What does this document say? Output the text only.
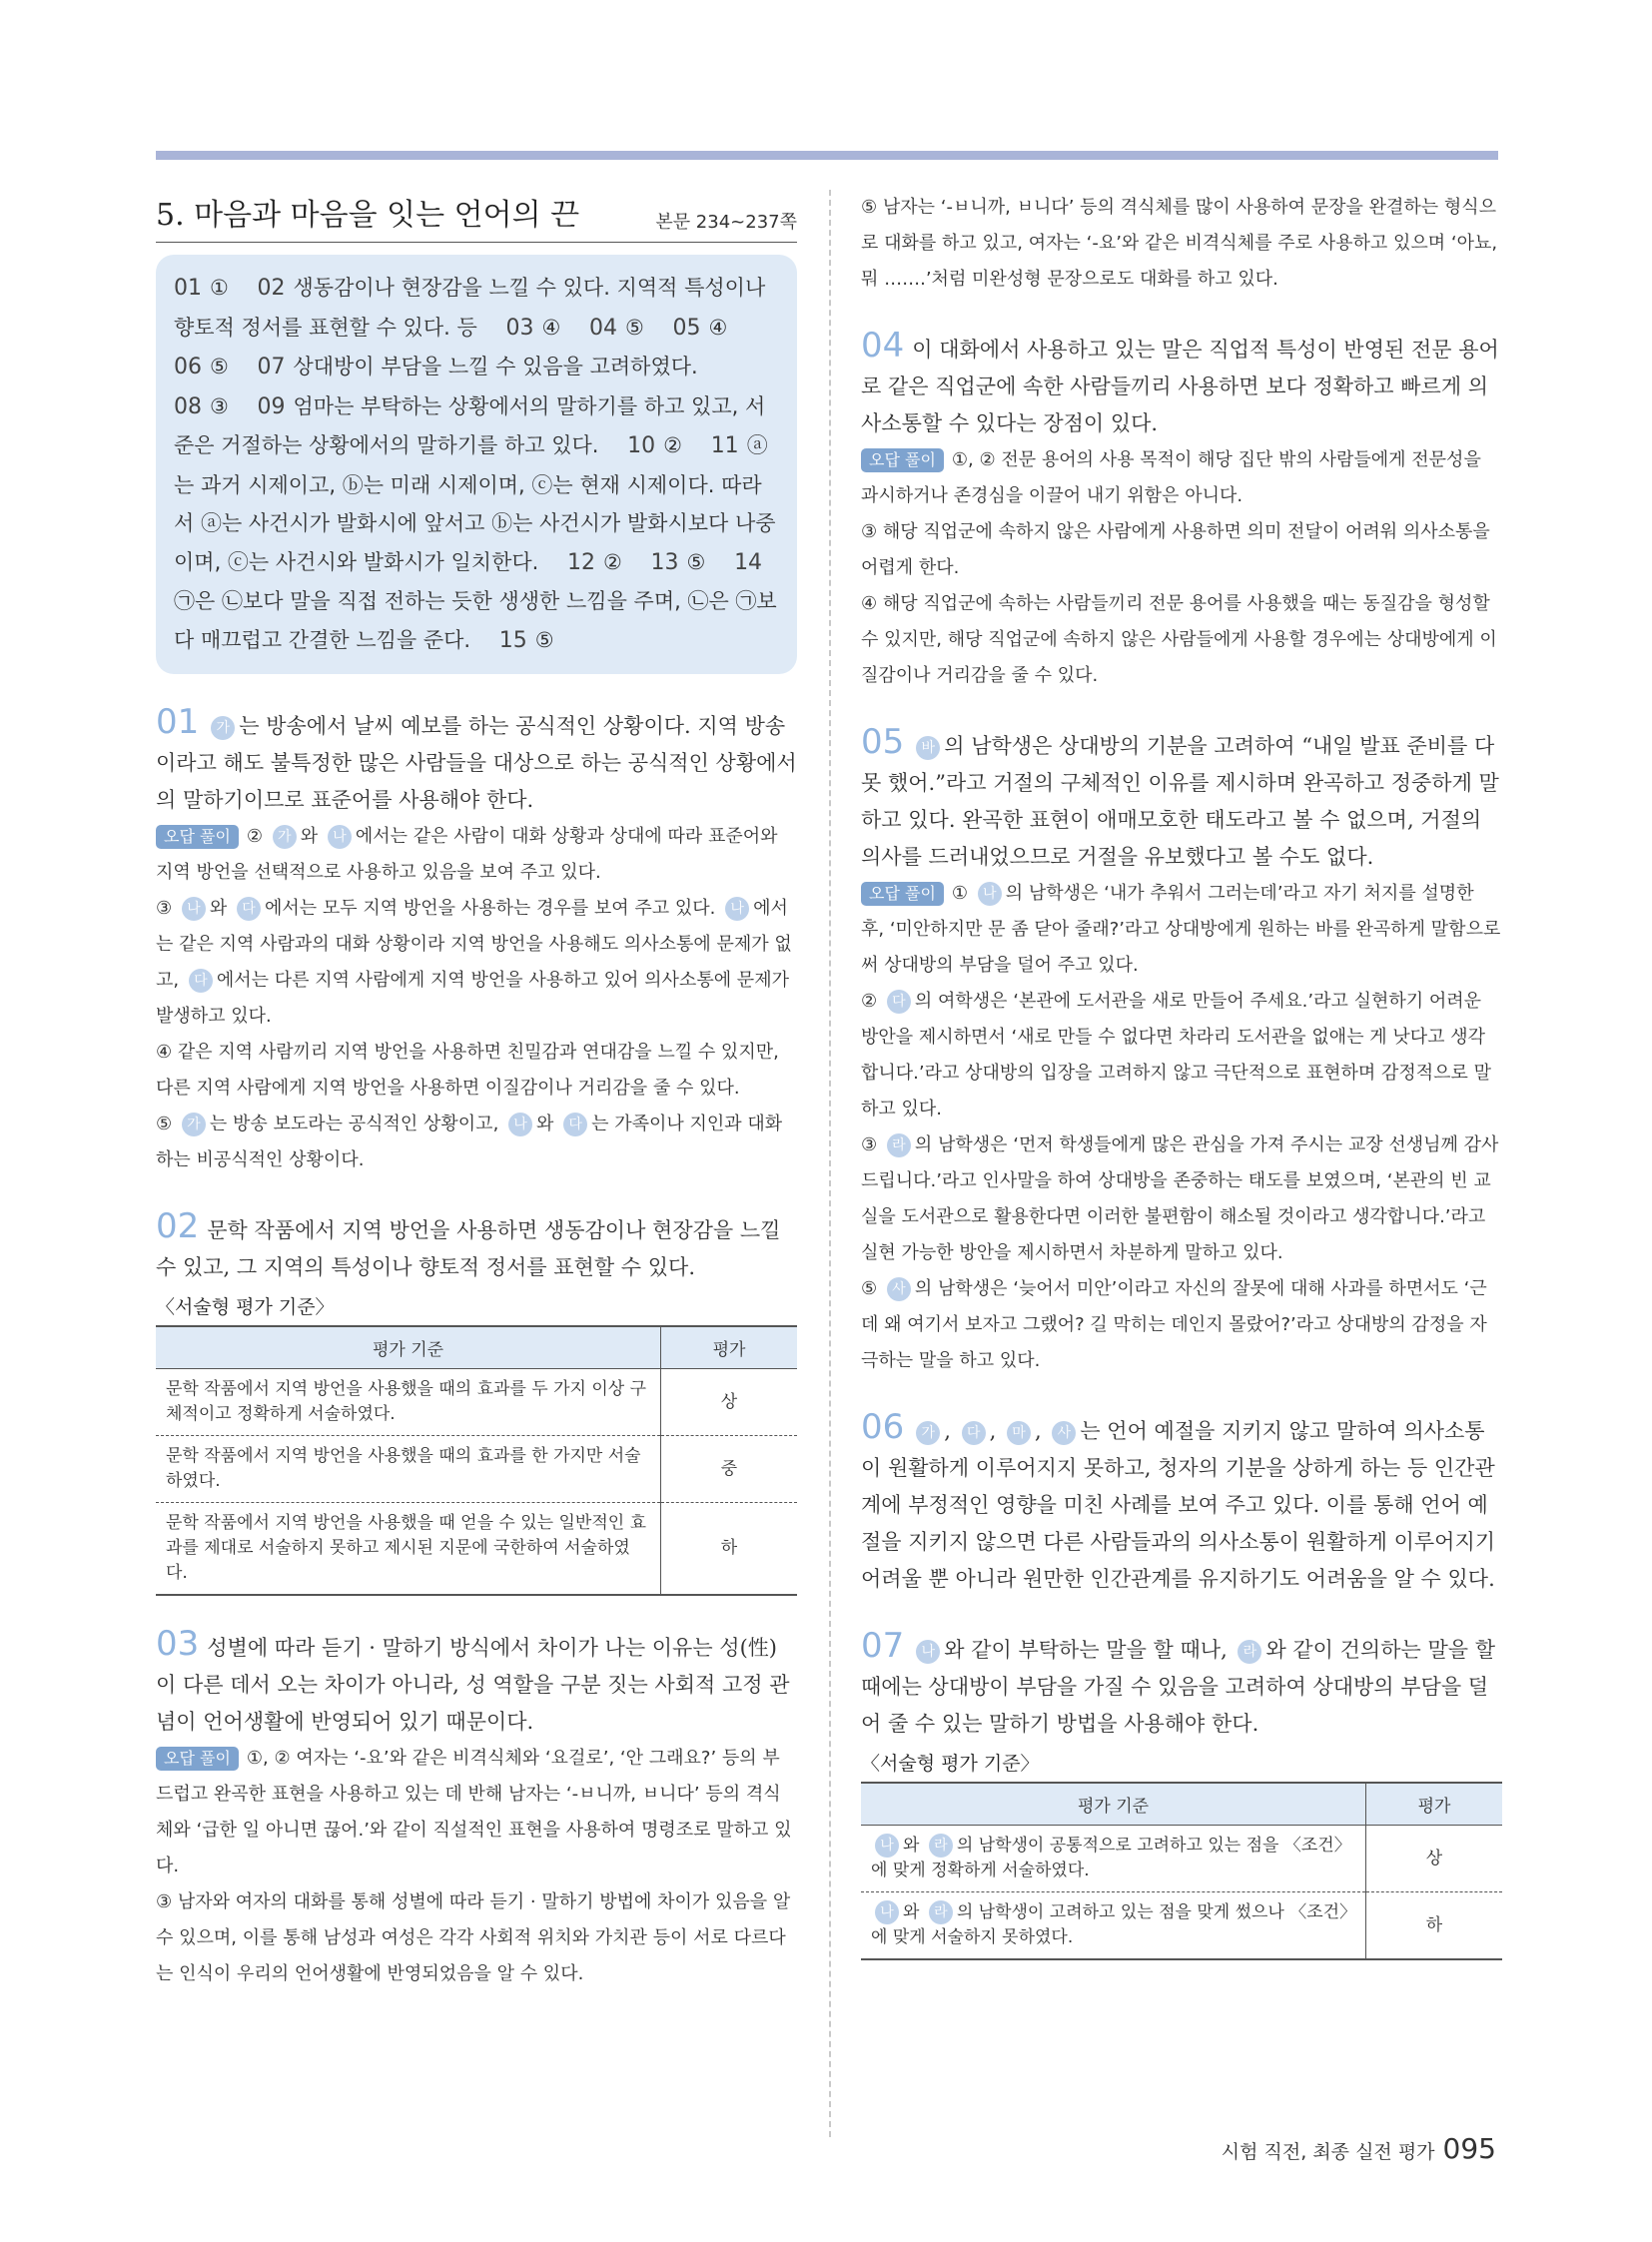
5. 마음과 마음을 잇는 언어의 끈	본문 234~237쪽
01 ① 02 생동감이나 현장감을 느낄 수 있다. 지역적 특성이나 향토적 정서를 표현할 수 있다. 등 03 ④ 04 ⑤ 05 ④ 06 ⑤ 07 상대방이 부담을 느낄 수 있음을 고려하였다. 08 ③ 09 엄마는 부탁하는 상황에서의 말하기를 하고 있고, 서준은 거절하는 상황에서의 말하기를 하고 있다. 10 ② 11 ⓐ는 과거 시제이고, ⓑ는 미래 시제이며, ⓒ는 현재 시제이다. 따라서 ⓐ는 사건시가 발화시에 앞서고 ⓑ는 사건시가 발화시보다 나중이며, ⓒ는 사건시와 발화시가 일치한다. 12 ② 13 ⑤ 14㉠은 ㉡보다 말을 직접 전하는 듯한 생생한 느낌을 주며, ㉡은 ㉠보다 매끄럽고 간결한 느낌을 준다. 15 ⑤
01 가 는 방송에서 날씨 예보를 하는 공식적인 상황이다. 지역 방송이라고 해도 불특정한 많은 사람들을 대상으로 하는 공식적인 상황에서의 말하기이므로 표준어를 사용해야 한다.
오답 풀이 ② 가 와 나 에서는 같은 사람이 대화 상황과 상대에 따라 표준어와 지역 방언을 선택적으로 사용하고 있음을 보여 주고 있다.
③ 나 와 다 에서는 모두 지역 방언을 사용하는 경우를 보여 주고 있다. 나 에서는 같은 지역 사람과의 대화 상황이라 지역 방언을 사용해도 의사소통에 문제가 없고, 다 에서는 다른 지역 사람에게 지역 방언을 사용하고 있어 의사소통에 문제가 발생하고 있다.
④ 같은 지역 사람끼리 지역 방언을 사용하면 친밀감과 연대감을 느낄 수 있지만, 다른 지역 사람에게 지역 방언을 사용하면 이질감이나 거리감을 줄 수 있다.
⑤ 가 는 방송 보도라는 공식적인 상황이고, 나 와 다 는 가족이나 지인과 대화하는 비공식적인 상황이다.
02 문학 작품에서 지역 방언을 사용하면 생동감이나 현장감을 느낄 수 있고, 그 지역의 특성이나 향토적 정서를 표현할 수 있다.
〈서술형 평가 기준〉
평가 기준	평가
문학 작품에서 지역 방언을 사용했을 때의 효과를 두 가지 이상 구체적이고 정확하게 서술하였다.	상
문학 작품에서 지역 방언을 사용했을 때의 효과를 한 가지만 서술하였다.	중
문학 작품에서 지역 방언을 사용했을 때 얻을 수 있는 일반적인 효과를 제대로 서술하지 못하고 제시된 지문에 국한하여 서술하였다.	하
03 성별에 따라 듣기 · 말하기 방식에서 차이가 나는 이유는 성(性)이 다른 데서 오는 차이가 아니라, 성 역할을 구분 짓는 사회적 고정 관념이 언어생활에 반영되어 있기 때문이다.
오답 풀이 ①, ② 여자는 ‘-요’와 같은 비격식체와 ‘요걸로’, ‘안 그래요?’ 등의 부드럽고 완곡한 표현을 사용하고 있는 데 반해 남자는 ‘-ㅂ니까, ㅂ니다’ 등의 격식체와 ‘급한 일 아니면 끊어.’와 같이 직설적인 표현을 사용하여 명령조로 말하고 있다.
③ 남자와 여자의 대화를 통해 성별에 따라 듣기 · 말하기 방법에 차이가 있음을 알 수 있으며, 이를 통해 남성과 여성은 각각 사회적 위치와 가치관 등이 서로 다르다는 인식이 우리의 언어생활에 반영되었음을 알 수 있다.
⑤ 남자는 ‘-ㅂ니까, ㅂ니다’ 등의 격식체를 많이 사용하여 문장을 완결하는 형식으로 대화를 하고 있고, 여자는 ‘-요’와 같은 비격식체를 주로 사용하고 있으며 ‘아뇨, 뭐 …….’처럼 미완성형 문장으로도 대화를 하고 있다.
04 이 대화에서 사용하고 있는 말은 직업적 특성이 반영된 전문 용어로 같은 직업군에 속한 사람들끼리 사용하면 보다 정확하고 빠르게 의사소통할 수 있다는 장점이 있다.
오답 풀이 ①, ② 전문 용어의 사용 목적이 해당 집단 밖의 사람들에게 전문성을 과시하거나 존경심을 이끌어 내기 위함은 아니다.
③ 해당 직업군에 속하지 않은 사람에게 사용하면 의미 전달이 어려워 의사소통을 어렵게 한다.
④ 해당 직업군에 속하는 사람들끼리 전문 용어를 사용했을 때는 동질감을 형성할 수 있지만, 해당 직업군에 속하지 않은 사람들에게 사용할 경우에는 상대방에게 이질감이나 거리감을 줄 수 있다.
05 바 의 남학생은 상대방의 기분을 고려하여 “내일 발표 준비를 다 못 했어.”라고 거절의 구체적인 이유를 제시하며 완곡하고 정중하게 말하고 있다. 완곡한 표현이 애매모호한 태도라고 볼 수 없으며, 거절의 의사를 드러내었으므로 거절을 유보했다고 볼 수도 없다.
오답 풀이 ① 나 의 남학생은 ‘내가 추워서 그러는데’라고 자기 처지를 설명한 후, ‘미안하지만 문 좀 닫아 줄래?’라고 상대방에게 원하는 바를 완곡하게 말함으로써 상대방의 부담을 덜어 주고 있다.
② 다 의 여학생은 ‘본관에 도서관을 새로 만들어 주세요.’라고 실현하기 어려운 방안을 제시하면서 ‘새로 만들 수 없다면 차라리 도서관을 없애는 게 낫다고 생각합니다.’라고 상대방의 입장을 고려하지 않고 극단적으로 표현하며 감정적으로 말하고 있다.
③ 라 의 남학생은 ‘먼저 학생들에게 많은 관심을 가져 주시는 교장 선생님께 감사드립니다.’라고 인사말을 하여 상대방을 존중하는 태도를 보였으며, ‘본관의 빈 교실을 도서관으로 활용한다면 이러한 불편함이 해소될 것이라고 생각합니다.’라고 실현 가능한 방안을 제시하면서 차분하게 말하고 있다.
⑤ 사 의 남학생은 ‘늦어서 미안’이라고 자신의 잘못에 대해 사과를 하면서도 ‘근데 왜 여기서 보자고 그랬어? 길 막히는 데인지 몰랐어?’라고 상대방의 감정을 자극하는 말을 하고 있다.
06 가 , 다 , 마 , 사 는 언어 예절을 지키지 않고 말하여 의사소통이 원활하게 이루어지지 못하고, 청자의 기분을 상하게 하는 등 인간관계에 부정적인 영향을 미친 사례를 보여 주고 있다. 이를 통해 언어 예절을 지키지 않으면 다른 사람들과의 의사소통이 원활하게 이루어지기 어려울 뿐 아니라 원만한 인간관계를 유지하기도 어려움을 알 수 있다.
07 나 와 같이 부탁하는 말을 할 때나, 라 와 같이 건의하는 말을 할 때에는 상대방이 부담을 가질 수 있음을 고려하여 상대방의 부담을 덜어 줄 수 있는 말하기 방법을 사용해야 한다.
〈서술형 평가 기준〉
평가 기준	평가
나 와 라 의 남학생이 공통적으로 고려하고 있는 점을 〈조건〉에 맞게 정확하게 서술하였다.	상
나 와 라 의 남학생이 고려하고 있는 점을 맞게 썼으나 〈조건〉에 맞게 서술하지 못하였다.	하
시험 직전, 최종 실전 평가 095
